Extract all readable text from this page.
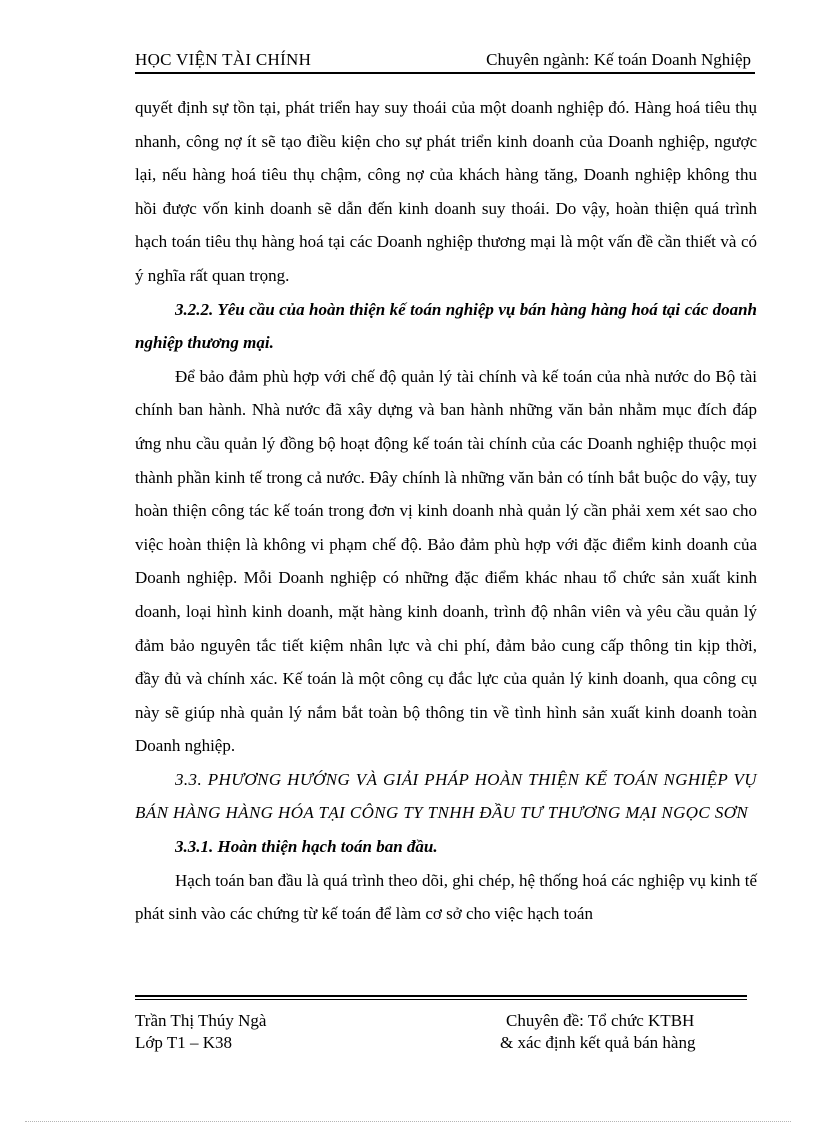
HỌC VIỆN TÀI CHÍNH	Chuyên ngành: Kế toán Doanh Nghiệp

quyết định sự tồn tại, phát triển hay suy thoái của một doanh nghiệp đó. Hàng hoá tiêu thụ nhanh, công nợ ít sẽ tạo điều kiện cho sự phát triển kinh doanh của Doanh nghiệp, ngược lại, nếu hàng hoá tiêu thụ chậm, công nợ của khách hàng tăng, Doanh nghiệp không thu hồi được vốn kinh doanh sẽ dẫn đến kinh doanh suy thoái. Do vậy, hoàn thiện quá trình hạch toán tiêu thụ hàng hoá tại các Doanh nghiệp thương mại là một vấn đề cần thiết và có ý nghĩa rất quan trọng.

3.2.2. Yêu cầu của hoàn thiện kế toán nghiệp vụ bán hàng hàng hoá tại các doanh nghiệp thương mại.

Để bảo đảm phù hợp với chế độ quản lý tài chính và kế toán của nhà nước do Bộ tài chính ban hành. Nhà nước đã xây dựng và ban hành những văn bản nhằm mục đích đáp ứng nhu cầu quản lý đồng bộ hoạt động kế toán tài chính của các Doanh nghiệp thuộc mọi thành phần kinh tế trong cả nước. Đây chính là những văn bản có tính bắt buộc do vậy, tuy hoàn thiện công tác kế toán trong đơn vị kinh doanh nhà quản lý cần phải xem xét sao cho việc hoàn thiện là không vi phạm chế độ. Bảo đảm phù hợp với đặc điểm kinh doanh của Doanh nghiệp. Mỗi Doanh nghiệp có những đặc điểm khác nhau tổ chức sản xuất kinh doanh, loại hình kinh doanh, mặt hàng kinh doanh, trình độ nhân viên và yêu cầu quản lý đảm bảo nguyên tắc tiết kiệm nhân lực và chi phí, đảm bảo cung cấp thông tin kịp thời, đầy đủ và chính xác. Kế toán là một công cụ đắc lực của quản lý kinh doanh, qua công cụ này sẽ giúp nhà quản lý nắm bắt toàn bộ thông tin về tình hình sản xuất kinh doanh toàn Doanh nghiệp.

3.3. PHƯƠNG HƯỚNG VÀ GIẢI PHÁP HOÀN THIỆN KẾ TOÁN NGHIỆP VỤ BÁN HÀNG HÀNG HÓA TẠI CÔNG TY TNHH ĐẦU TƯ THƯƠNG MẠI NGỌC SƠN

3.3.1. Hoàn thiện hạch toán ban đầu.

Hạch toán ban đầu là quá trình theo dõi, ghi chép, hệ thống hoá các nghiệp vụ kinh tế phát sinh vào các chứng từ kế toán để làm cơ sở cho việc hạch toán

Trần Thị Thúy Ngà
Lớp T1 – K38
Chuyên đề: Tổ chức KTBH
& xác định kết quả bán hàng
